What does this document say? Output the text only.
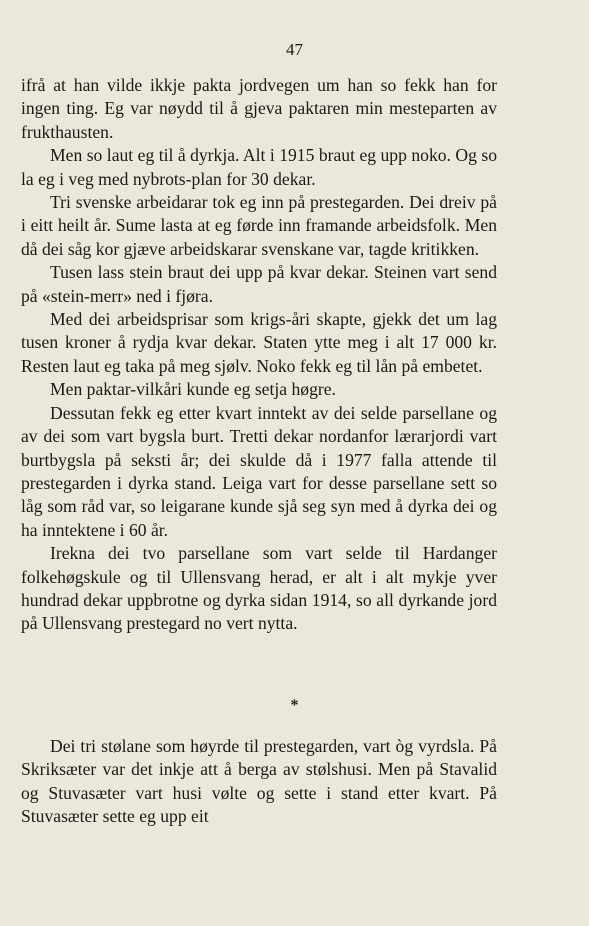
47

ifrå at han vilde ikkje pakta jordvegen um han so fekk han for ingen ting. Eg var nøydd til å gjeva paktaren min mesteparten av frukthausten.

Men so laut eg til å dyrkja. Alt i 1915 braut eg upp noko. Og so la eg i veg med nybrots-plan for 30 dekar.

Tri svenske arbeidarar tok eg inn på prestegarden. Dei dreiv på i eitt heilt år. Sume lasta at eg førde inn framande arbeidsfolk. Men då dei såg kor gjæve arbeidskarar svenskane var, tagde kritikken.

Tusen lass stein braut dei upp på kvar dekar. Steinen vart send på «stein-merr» ned i fjøra.

Med dei arbeidsprisar som krigs-åri skapte, gjekk det um lag tusen kroner å rydja kvar dekar. Staten ytte meg i alt 17 000 kr. Resten laut eg taka på meg sjølv. Noko fekk eg til lån på embetet.

Men paktar-vilkåri kunde eg setja høgre.

Dessutan fekk eg etter kvart inntekt av dei selde parsellane og av dei som vart bygsla burt. Tretti dekar nordanfor lærarjordi vart burtbygsla på seksti år; dei skulde då i 1977 falla attende til prestegarden i dyrka stand. Leiga vart for desse parsellane sett so låg som råd var, so leigarane kunde sjå seg syn med å dyrka dei og ha inntektene i 60 år.

Irekna dei tvo parsellane som vart selde til Hardanger folkehøgskule og til Ullensvang herad, er alt i alt mykje yver hundrad dekar uppbrotne og dyrka sidan 1914, so all dyrkande jord på Ullensvang prestegard no vert nytta.

*

Dei tri stølane som høyrde til prestegarden, vart òg vyrdsla. På Skriksæter var det inkje att å berga av stølshusi. Men på Stavalid og Stuvasæter vart husi vølte og sette i stand etter kvart. På Stuvasæter sette eg upp eit
